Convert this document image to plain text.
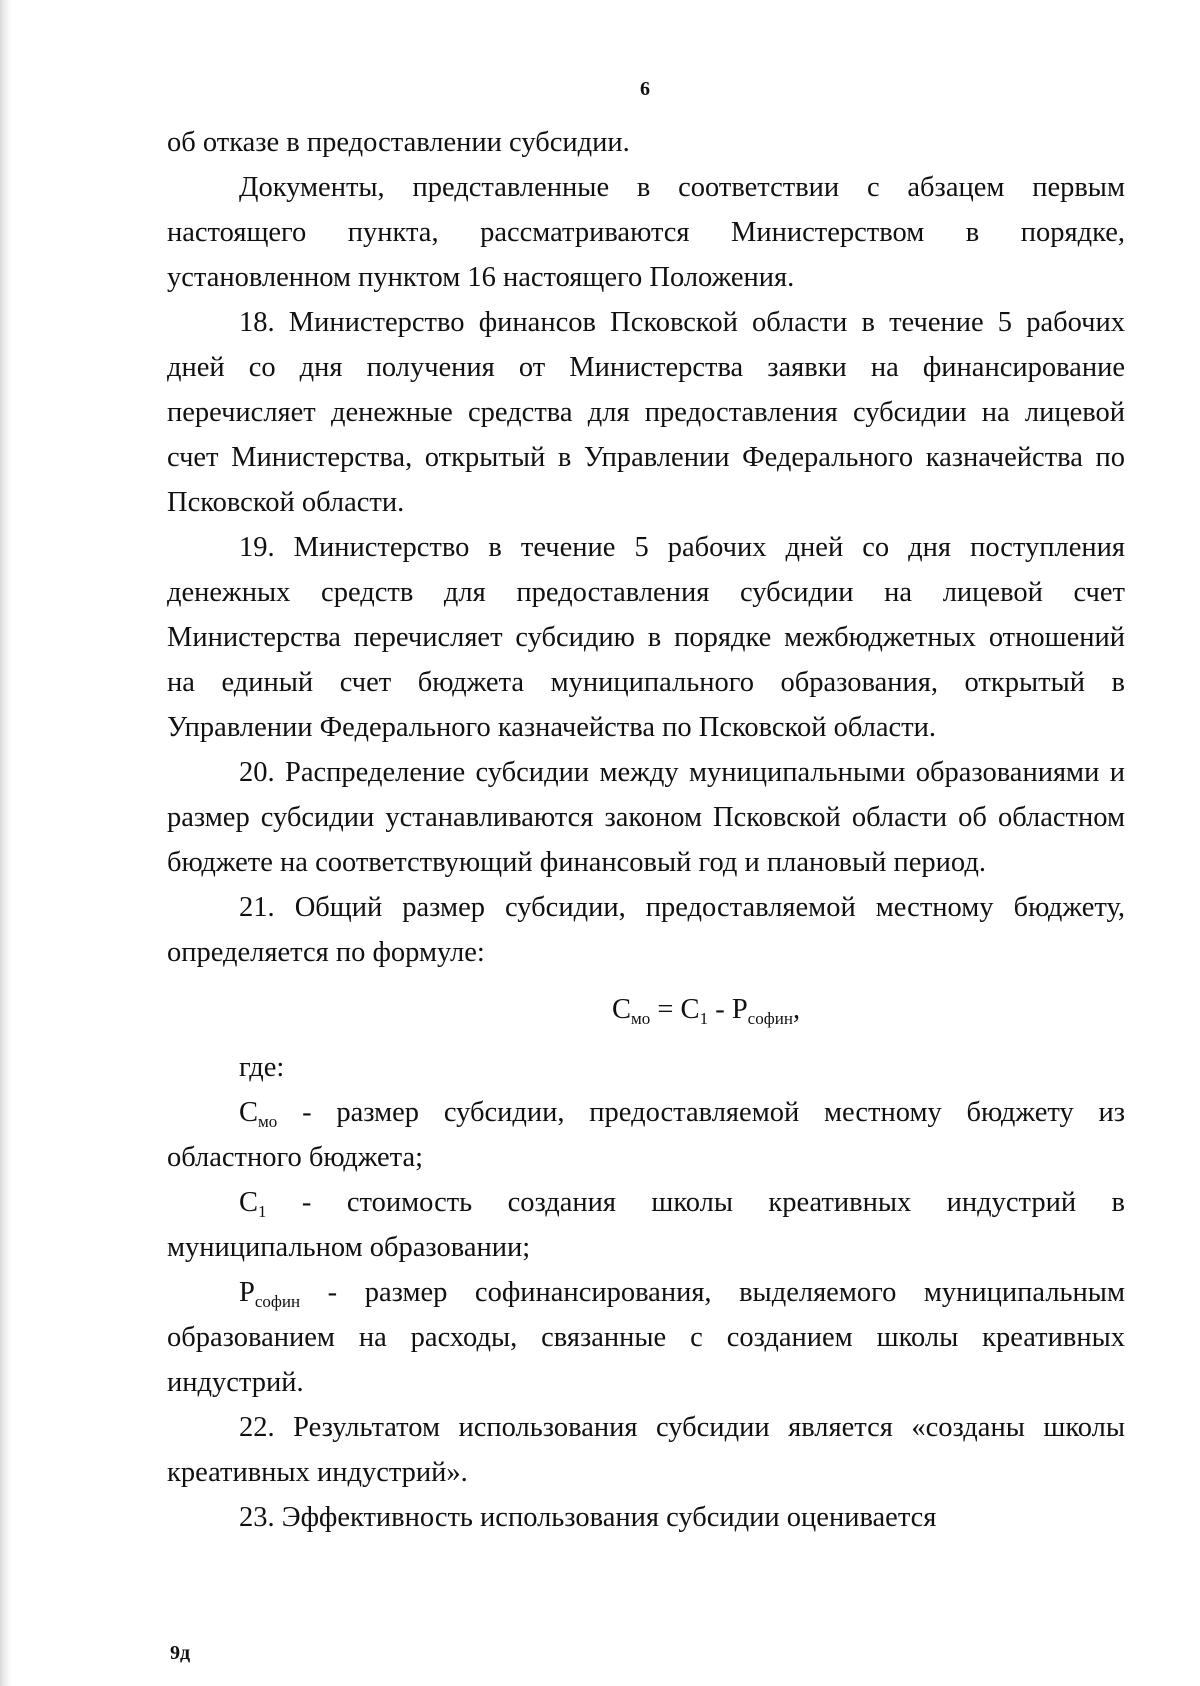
6

об отказе в предоставлении субсидии.

Документы, представленные в соответствии с абзацем первым настоящего пункта, рассматриваются Министерством в порядке, установленном пунктом 16 настоящего Положения.

18. Министерство финансов Псковской области в течение 5 рабочих дней со дня получения от Министерства заявки на финансирование перечисляет денежные средства для предоставления субсидии на лицевой счет Министерства, открытый в Управлении Федерального казначейства по Псковской области.

19. Министерство в течение 5 рабочих дней со дня поступления денежных средств для предоставления субсидии на лицевой счет Министерства перечисляет субсидию в порядке межбюджетных отношений на единый счет бюджета муниципального образования, открытый в Управлении Федерального казначейства по Псковской области.

20. Распределение субсидии между муниципальными образованиями и размер субсидии устанавливаются законом Псковской области об областном бюджете на соответствующий финансовый год и плановый период.

21. Общий размер субсидии, предоставляемой местному бюджету, определяется по формуле:

$С_{мо} = С_1 - Р_{софин}$,

где:

$С_{мо}$ - размер субсидии, предоставляемой местному бюджету из областного бюджета;

$С_1$ - стоимость создания школы креативных индустрий в муниципальном образовании;

$Р_{софин}$ - размер софинансирования, выделяемого муниципальным образованием на расходы, связанные с созданием школы креативных индустрий.

22. Результатом использования субсидии является «созданы школы креативных индустрий».

23. Эффективность использования субсидии оценивается

9д
